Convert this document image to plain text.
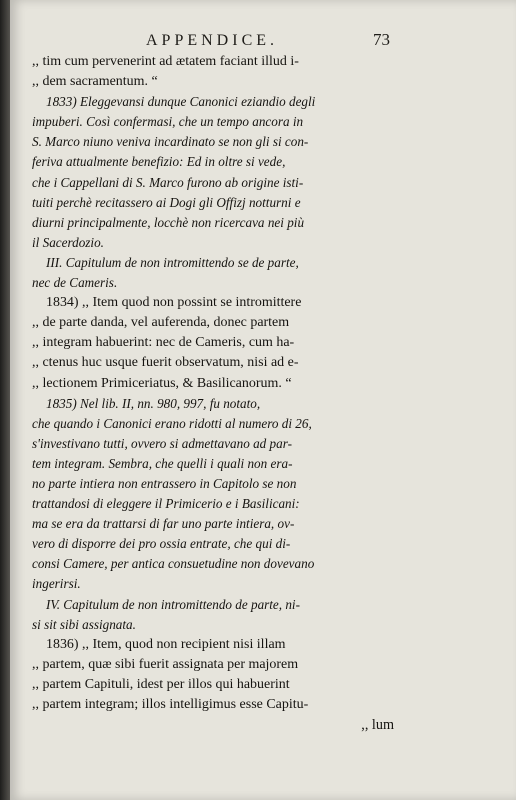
APPENDICE.	73
,, tim cum pervenerint ad ætatem faciant illud i-
,, dem sacramentum. “
1833) Eleggevansi dunque Canonici eziandio degli
impuberi. Così confermasi, che un tempo ancora in
S. Marco niuno veniva incardinato se non gli si con-
feriva attualmente benefizio: Ed in oltre si vede,
che i Cappellani di S. Marco furono ab origine isti-
tuiti perchè recitassero ai Dogi gli Offizj notturni e
diurni principalmente, locchè non ricercava nei più
il Sacerdozio.
III. Capitulum de non intromittendo se de parte,
nec de Cameris.
1834) ,, Item quod non possint se intromittere
,, de parte danda, vel auferenda, donec partem
,, integram habuerint: nec de Cameris, cum ha-
,, ctenus huc usque fuerit observatum, nisi ad e-
,, lectionem Primiceriatus, & Basilicanorum. “
1835) Nel lib. II, nn. 980, 997, fu notato,
che quando i Canonici erano ridotti al numero di 26,
s'investivano tutti, ovvero si admettavano ad par-
tem integram. Sembra, che quelli i quali non era-
no parte intiera non entrassero in Capitolo se non
trattandosi di eleggere il Primicerio e i Basilicani:
ma se era da trattarsi di far uno parte intiera, ov-
vero di disporre dei pro ossia entrate, che qui di-
consi Camere, per antica consuetudine non dovevano
ingerirsi.
IV. Capitulum de non intromittendo de parte, ni-
si sit sibi assignata.
1836) ,, Item, quod non recipient nisi illam
,, partem, quæ sibi fuerit assignata per majorem
,, partem Capituli, idest per illos qui habuerint
,, partem integram; illos intelligimus esse Capitu-
,, lum
